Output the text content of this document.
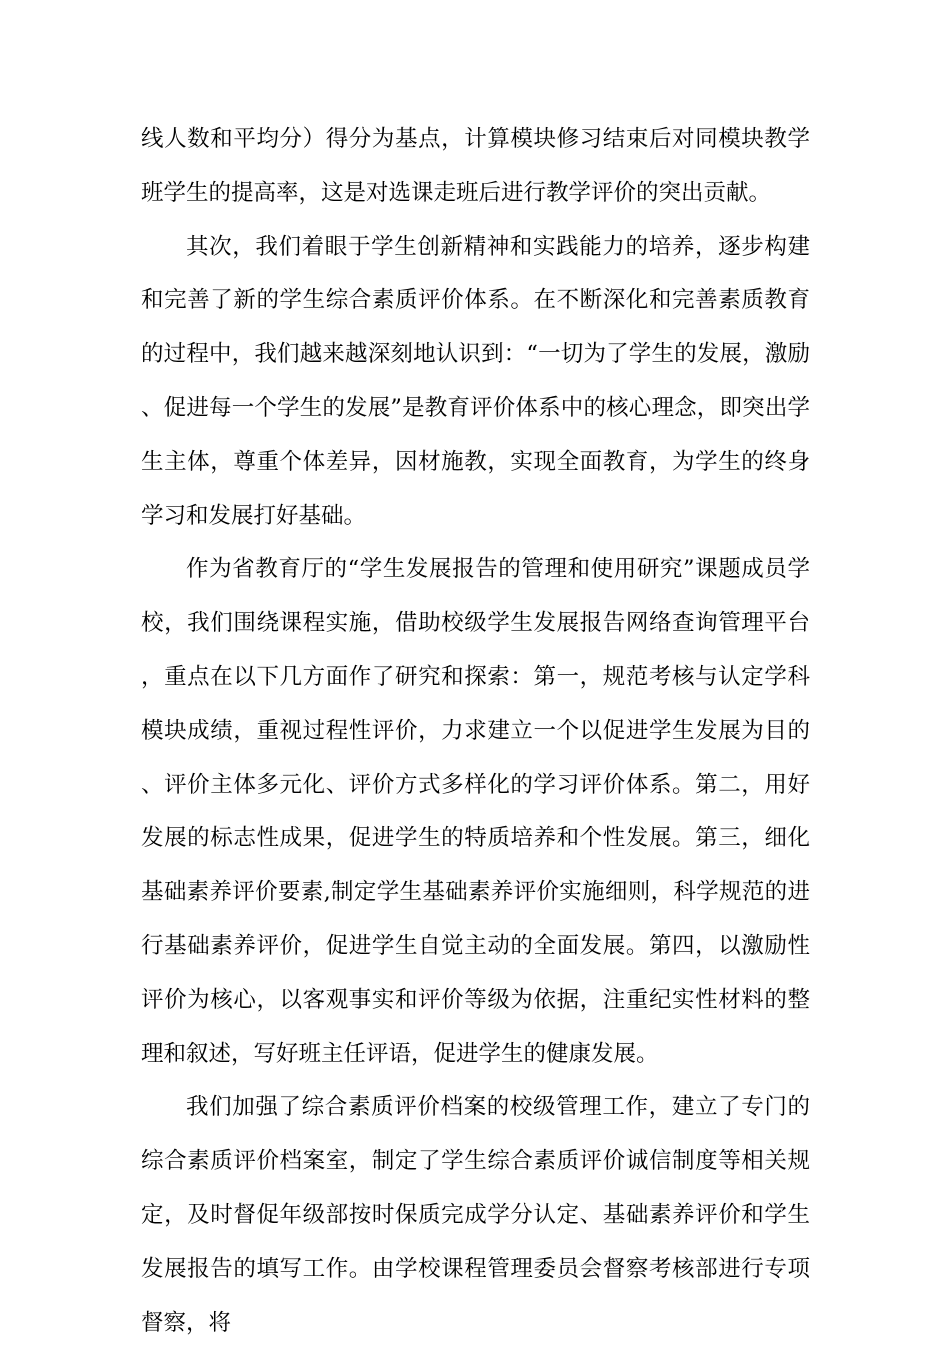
线人数和平均分）得分为基点，计算模块修习结束后对同模块教学班学生的提高率，这是对选课走班后进行教学评价的突出贡献。

其次，我们着眼于学生创新精神和实践能力的培养，逐步构建和完善了新的学生综合素质评价体系。在不断深化和完善素质教育的过程中，我们越来越深刻地认识到：“一切为了学生的发展，激励、促进每一个学生的发展”是教育评价体系中的核心理念，即突出学生主体，尊重个体差异，因材施教，实现全面教育，为学生的终身学习和发展打好基础。

作为省教育厅的“学生发展报告的管理和使用研究”课题成员学校，我们围绕课程实施，借助校级学生发展报告网络查询管理平台，重点在以下几方面作了研究和探索：第一，规范考核与认定学科模块成绩，重视过程性评价，力求建立一个以促进学生发展为目的、评价主体多元化、评价方式多样化的学习评价体系。第二，用好发展的标志性成果，促进学生的特质培养和个性发展。第三，细化基础素养评价要素,制定学生基础素养评价实施细则，科学规范的进行基础素养评价，促进学生自觉主动的全面发展。第四，以激励性评价为核心，以客观事实和评价等级为依据，注重纪实性材料的整理和叙述，写好班主任评语，促进学生的健康发展。

我们加强了综合素质评价档案的校级管理工作，建立了专门的综合素质评价档案室，制定了学生综合素质评价诚信制度等相关规定，及时督促年级部按时保质完成学分认定、基础素养评价和学生发展报告的填写工作。由学校课程管理委员会督察考核部进行专项督察，将
